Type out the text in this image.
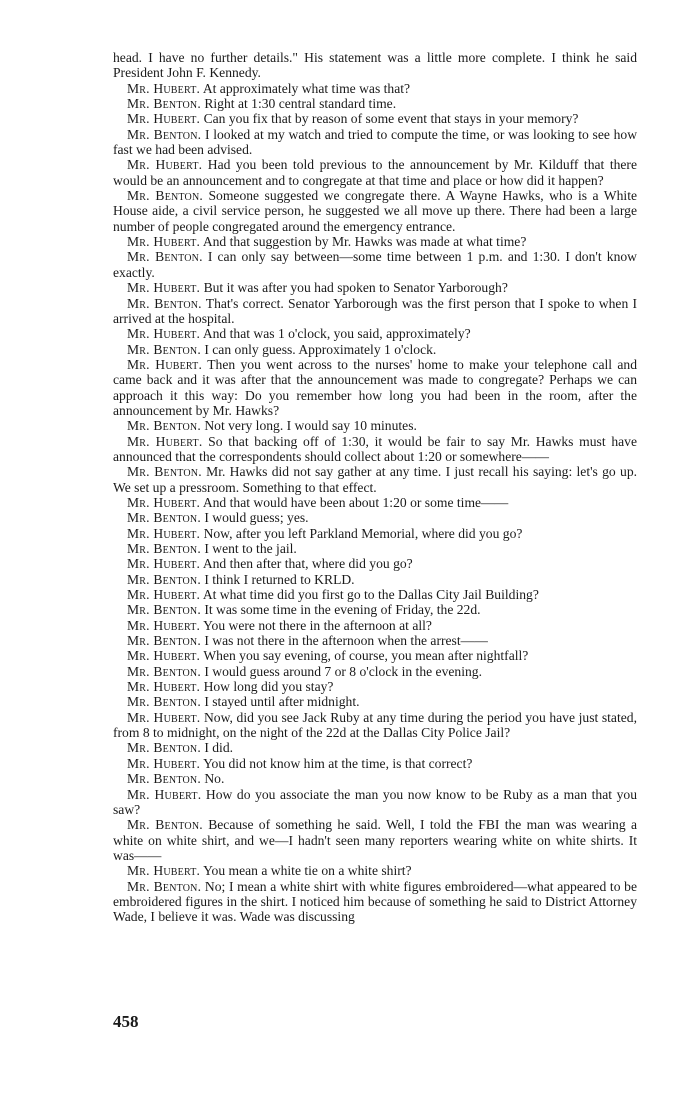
head. I have no further details." His statement was a little more complete. I think he said President John F. Kennedy.

Mr. Hubert. At approximately what time was that?

Mr. Benton. Right at 1:30 central standard time.

Mr. Hubert. Can you fix that by reason of some event that stays in your memory?

Mr. Benton. I looked at my watch and tried to compute the time, or was looking to see how fast we had been advised.

Mr. Hubert. Had you been told previous to the announcement by Mr. Kilduff that there would be an announcement and to congregate at that time and place or how did it happen?

Mr. Benton. Someone suggested we congregate there. A Wayne Hawks, who is a White House aide, a civil service person, he suggested we all move up there. There had been a large number of people congregated around the emergency entrance.

Mr. Hubert. And that suggestion by Mr. Hawks was made at what time?

Mr. Benton. I can only say between—some time between 1 p.m. and 1:30. I don't know exactly.

Mr. Hubert. But it was after you had spoken to Senator Yarborough?

Mr. Benton. That's correct. Senator Yarborough was the first person that I spoke to when I arrived at the hospital.

Mr. Hubert. And that was 1 o'clock, you said, approximately?

Mr. Benton. I can only guess. Approximately 1 o'clock.

Mr. Hubert. Then you went across to the nurses' home to make your telephone call and came back and it was after that the announcement was made to congregate? Perhaps we can approach it this way: Do you remember how long you had been in the room, after the announcement by Mr. Hawks?

Mr. Benton. Not very long. I would say 10 minutes.

Mr. Hubert. So that backing off of 1:30, it would be fair to say Mr. Hawks must have announced that the correspondents should collect about 1:20 or somewhere——

Mr. Benton. Mr. Hawks did not say gather at any time. I just recall his saying: let's go up. We set up a pressroom. Something to that effect.

Mr. Hubert. And that would have been about 1:20 or some time——

Mr. Benton. I would guess; yes.

Mr. Hubert. Now, after you left Parkland Memorial, where did you go?

Mr. Benton. I went to the jail.

Mr. Hubert. And then after that, where did you go?

Mr. Benton. I think I returned to KRLD.

Mr. Hubert. At what time did you first go to the Dallas City Jail Building?

Mr. Benton. It was some time in the evening of Friday, the 22d.

Mr. Hubert. You were not there in the afternoon at all?

Mr. Benton. I was not there in the afternoon when the arrest——

Mr. Hubert. When you say evening, of course, you mean after nightfall?

Mr. Benton. I would guess around 7 or 8 o'clock in the evening.

Mr. Hubert. How long did you stay?

Mr. Benton. I stayed until after midnight.

Mr. Hubert. Now, did you see Jack Ruby at any time during the period you have just stated, from 8 to midnight, on the night of the 22d at the Dallas City Police Jail?

Mr. Benton. I did.

Mr. Hubert. You did not know him at the time, is that correct?

Mr. Benton. No.

Mr. Hubert. How do you associate the man you now know to be Ruby as a man that you saw?

Mr. Benton. Because of something he said. Well, I told the FBI the man was wearing a white on white shirt, and we—I hadn't seen many reporters wearing white on white shirts. It was——

Mr. Hubert. You mean a white tie on a white shirt?

Mr. Benton. No; I mean a white shirt with white figures embroidered—what appeared to be embroidered figures in the shirt. I noticed him because of something he said to District Attorney Wade, I believe it was. Wade was discussing

458
